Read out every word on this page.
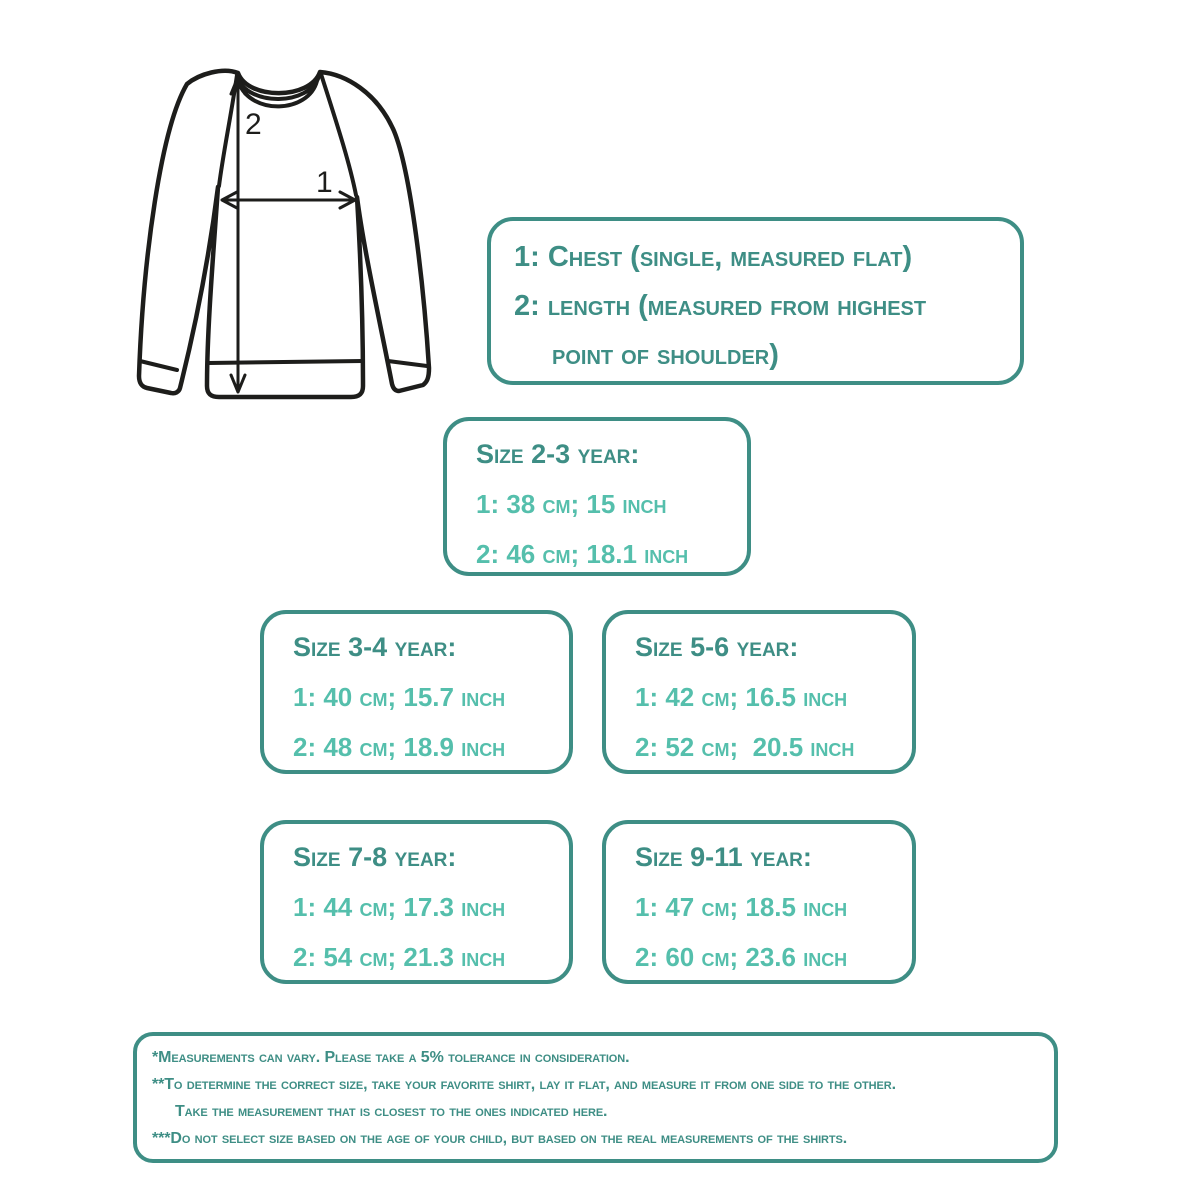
2
1
1: Chest (single, measured flat)
2: length (measured from highest
point of shoulder)
Size 2-3 year:
1: 38 cm; 15 inch
2: 46 cm; 18.1 inch
Size 3-4 year:
1: 40 cm; 15.7 inch
2: 48 cm; 18.9 inch
Size 5-6 year:
1: 42 cm; 16.5 inch
2: 52 cm;  20.5 inch
Size 7-8 year:
1: 44 cm; 17.3 inch
2: 54 cm; 21.3 inch
Size 9-11 year:
1: 47 cm; 18.5 inch
2: 60 cm; 23.6 inch
*Measurements can vary. Please take a 5% tolerance in consideration.
**To determine the correct size, take your favorite shirt, lay it flat, and measure it from one side to the other.
Take the measurement that is closest to the ones indicated here.
***Do not select size based on the age of your child, but based on the real measurements of the shirts.
